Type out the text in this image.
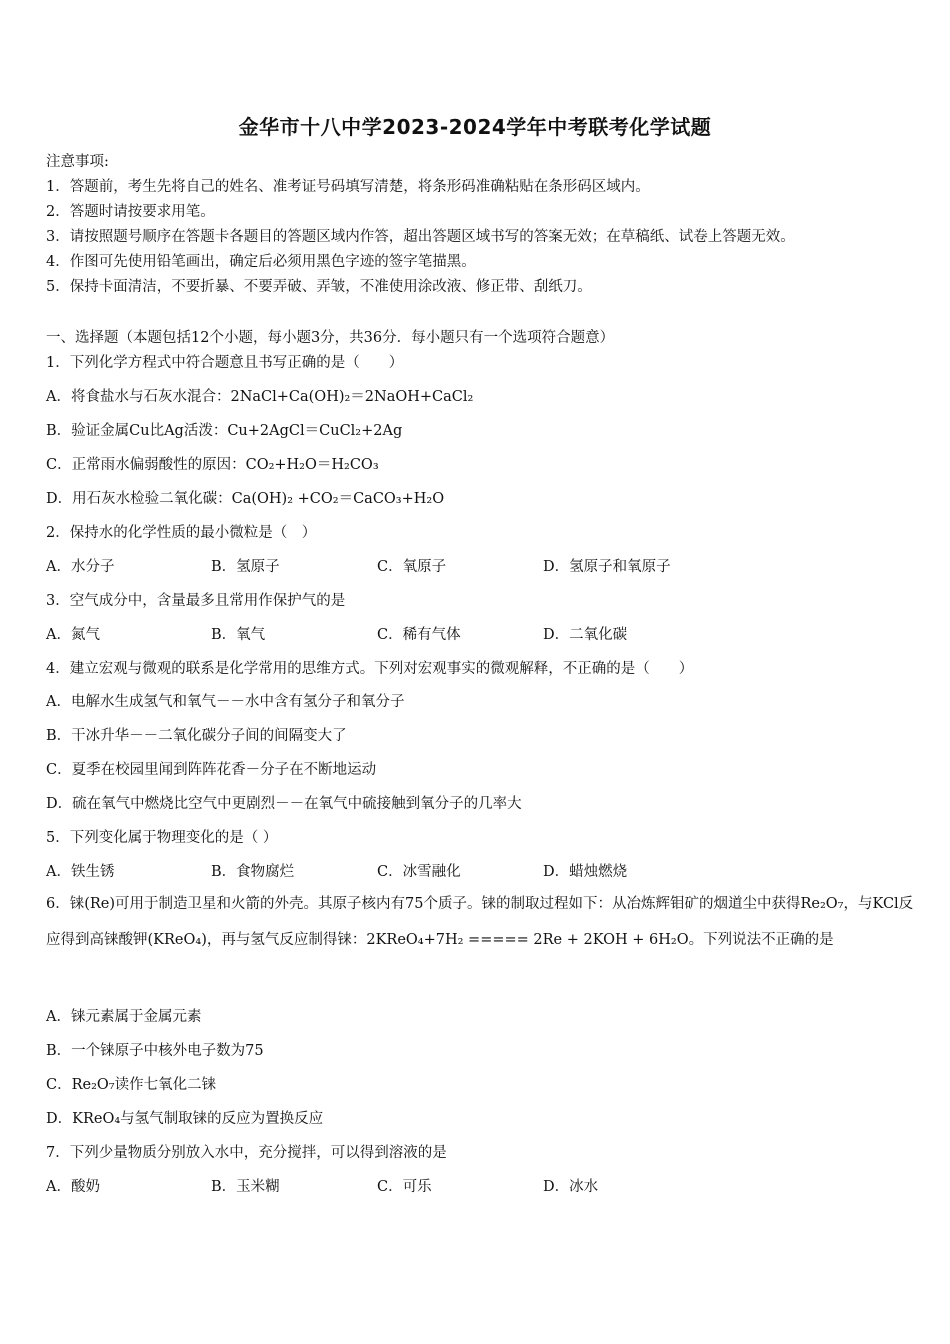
金华市十八中学2023-2024学年中考联考化学试题
注意事项:
1．答题前，考生先将自己的姓名、准考证号码填写清楚，将条形码准确粘贴在条形码区域内。
2．答题时请按要求用笔。
3．请按照题号顺序在答题卡各题目的答题区域内作答，超出答题区域书写的答案无效；在草稿纸、试卷上答题无效。
4．作图可先使用铅笔画出，确定后必须用黑色字迹的签字笔描黑。
5．保持卡面清洁，不要折暴、不要弄破、弄皱，不准使用涂改液、修正带、刮纸刀。
一、选择题（本题包括12个小题，每小题3分，共36分．每小题只有一个选项符合题意）
1．下列化学方程式中符合题意且书写正确的是（　　）
A．将食盐水与石灰水混合：2NaCl+Ca(OH)₂＝2NaOH+CaCl₂
B．验证金属Cu比Ag活泼：Cu+2AgCl＝CuCl₂+2Ag
C．正常雨水偏弱酸性的原因：CO₂+H₂O＝H₂CO₃
D．用石灰水检验二氧化碳：Ca(OH)₂ +CO₂＝CaCO₃+H₂O
2．保持水的化学性质的最小微粒是（　）
A．水分子	B．氢原子	C．氧原子	D．氢原子和氧原子
3．空气成分中，含量最多且常用作保护气的是
A．氮气	B．氧气	C．稀有气体	D．二氧化碳
4．建立宏观与微观的联系是化学常用的思维方式。下列对宏观事实的微观解释，不正确的是（　　）
A．电解水生成氢气和氧气－－水中含有氢分子和氧分子
B．干冰升华－－二氧化碳分子间的间隔变大了
C．夏季在校园里闻到阵阵花香－分子在不断地运动
D．硫在氧气中燃烧比空气中更剧烈－－在氧气中硫接触到氧分子的几率大
5．下列变化属于物理变化的是（ ）
A．铁生锈	B．食物腐烂	C．冰雪融化	D．蜡烛燃烧
6．铼(Re)可用于制造卫星和火箭的外壳。其原子核内有75个质子。铼的制取过程如下：从冶炼辉钼矿的烟道尘中获得Re₂O₇，与KCl反应得到高铼酸钾(KReO₄)，再与氢气反应制得铼：2KReO₄+7H₂ ===== 2Re + 2KOH + 6H₂O。下列说法不正确的是
A．铼元素属于金属元素
B．一个铼原子中核外电子数为75
C．Re₂O₇读作七氧化二铼
D．KReO₄与氢气制取铼的反应为置换反应
7．下列少量物质分别放入水中，充分搅拌，可以得到溶液的是
A．酸奶	B．玉米糊	C．可乐	D．冰水
